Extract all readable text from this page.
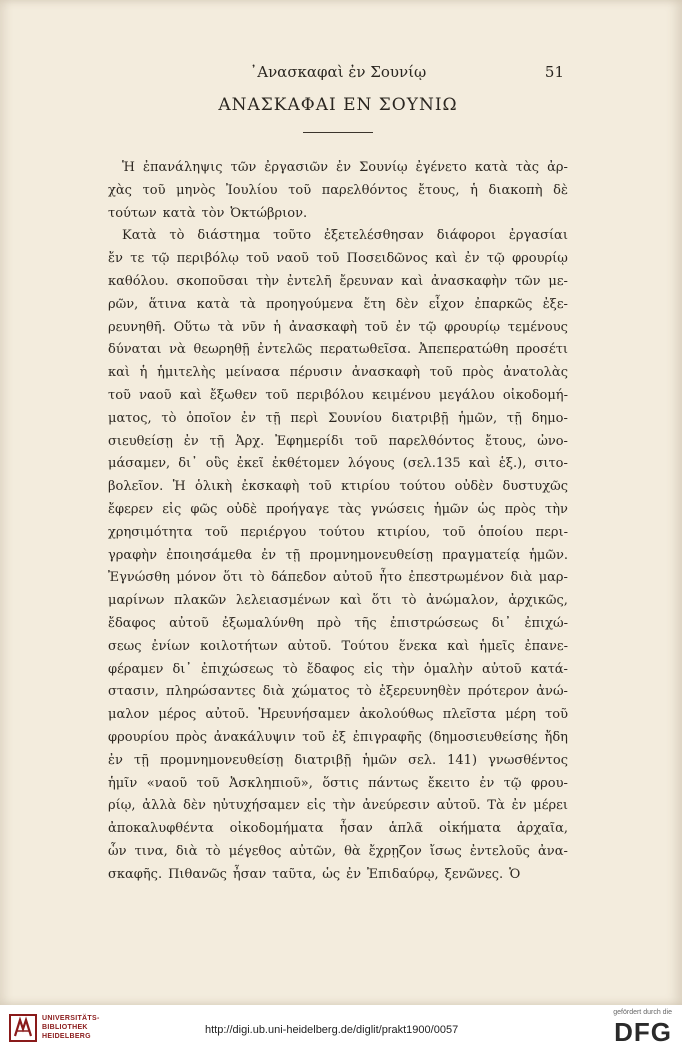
᾿Ανασκαφαὶ ἐν Σουνίῳ	51
ΑΝΑΣΚΑΦΑΙ ΕΝ ΣΟΥΝΙΩ
Ἡ ἐπανάληψις τῶν ἐργασιῶν ἐν Σουνίῳ ἐγένετο κατὰ τὰς ἀρ-
χὰς τοῦ μηνὸς Ἰουλίου τοῦ παρελθόντος ἔτους, ἡ διακοπὴ δὲ
τούτων κατὰ τὸν Ὀκτώβριον.
Κατὰ τὸ διάστημα τοῦτο ἐξετελέσθησαν διάφοροι ἐργασίαι
ἔν τε τῷ περιβόλῳ τοῦ ναοῦ τοῦ Ποσειδῶνος καὶ ἐν τῷ φρουρίῳ
καθόλου. σκοποῦσαι τὴν ἐντελῆ ἔρευναν καὶ ἀνασκαφὴν τῶν με-
ρῶν, ἅτινα κατὰ τὰ προηγούμενα ἔτη δὲν εἶχον ἐπαρκῶς ἐξε-
ρευνηθῆ. Οὕτω τὰ νῦν ἡ ἀνασκαφὴ τοῦ ἐν τῷ φρουρίῳ τεμένους
δύναται νὰ θεωρηθῇ ἐντελῶς περατωθεῖσα. Ἀπεπερατώθη προσέτι
καὶ ἡ ἡμιτελὴς μείνασα πέρυσιν ἀνασκαφὴ τοῦ πρὸς ἀνατολὰς
τοῦ ναοῦ καὶ ἔξωθεν τοῦ περιβόλου κειμένου μεγάλου οἰκοδομή-
ματος, τὸ ὁποῖον ἐν τῇ περὶ Σουνίου διατριβῇ ἡμῶν, τῇ δημο-
σιευθείσῃ ἐν τῇ Ἀρχ. Ἐφημερίδι τοῦ παρελθόντος ἔτους, ὠνο-
μάσαμεν, δι᾿ οὓς ἐκεῖ ἐκθέτομεν λόγους (σελ.135 καὶ ἑξ.), σιτο-
βολεῖον. Ἡ ὁλικὴ ἐκσκαφὴ τοῦ κτιρίου τούτου οὐδὲν δυστυχῶς
ἔφερεν εἰς φῶς οὐδὲ προήγαγε τὰς γνώσεις ἡμῶν ὡς πρὸς τὴν
χρησιμότητα τοῦ περιέργου τούτου κτιρίου, τοῦ ὁποίου περι-
γραφὴν ἐποιησάμεθα ἐν τῇ προμνημονευθείσῃ πραγματείᾳ ἡμῶν.
Ἐγνώσθη μόνον ὅτι τὸ δάπεδον αὐτοῦ ἦτο ἐπεστρωμένον διὰ μαρ-
μαρίνων πλακῶν λελειασμένων καὶ ὅτι τὸ ἀνώμαλον, ἀρχικῶς,
ἔδαφος αὐτοῦ ἐξωμαλύνθη πρὸ τῆς ἐπιστρώσεως δι᾿ ἐπιχώ-
σεως ἐνίων κοιλοτήτων αὐτοῦ. Τούτου ἕνεκα καὶ ἡμεῖς ἐπανε-
φέραμεν δι᾿ ἐπιχώσεως τὸ ἔδαφος εἰς τὴν ὁμαλὴν αὐτοῦ κατά-
στασιν, πληρώσαντες διὰ χώματος τὸ ἐξερευνηθὲν πρότερον ἀνώ-
μαλον μέρος αὐτοῦ. Ἠρευνήσαμεν ἀκολούθως πλεῖστα μέρη τοῦ
φρουρίου πρὸς ἀνακάλυψιν τοῦ ἐξ ἐπιγραφῆς (δημοσιευθείσης ἤδη
ἐν τῇ προμνημονευθείσῃ διατριβῇ ἡμῶν σελ. 141) γνωσθέντος
ἡμῖν «ναοῦ τοῦ Ἀσκληπιοῦ», ὅστις πάντως ἔκειτο ἐν τῷ φρου-
ρίῳ, ἀλλὰ δὲν ηὐτυχήσαμεν εἰς τὴν ἀνεύρεσιν αὐτοῦ. Τὰ ἐν μέρει
ἀποκαλυφθέντα οἰκοδομήματα ἦσαν ἁπλᾶ οἰκήματα ἀρχαῖα,
ὧν τινα, διὰ τὸ μέγεθος αὐτῶν, θὰ ἔχρῃζον ἴσως ἐντελοῦς ἀνα-
σκαφῆς. Πιθανῶς ἦσαν ταῦτα, ὡς ἐν Ἐπιδαύρῳ, ξενῶνες. Ὁ
UNIVERSITÄTS-
BIBLIOTHEK
HEIDELBERG
http://digi.ub.uni-heidelberg.de/diglit/prakt1900/0057
gefördert durch die
DFG
